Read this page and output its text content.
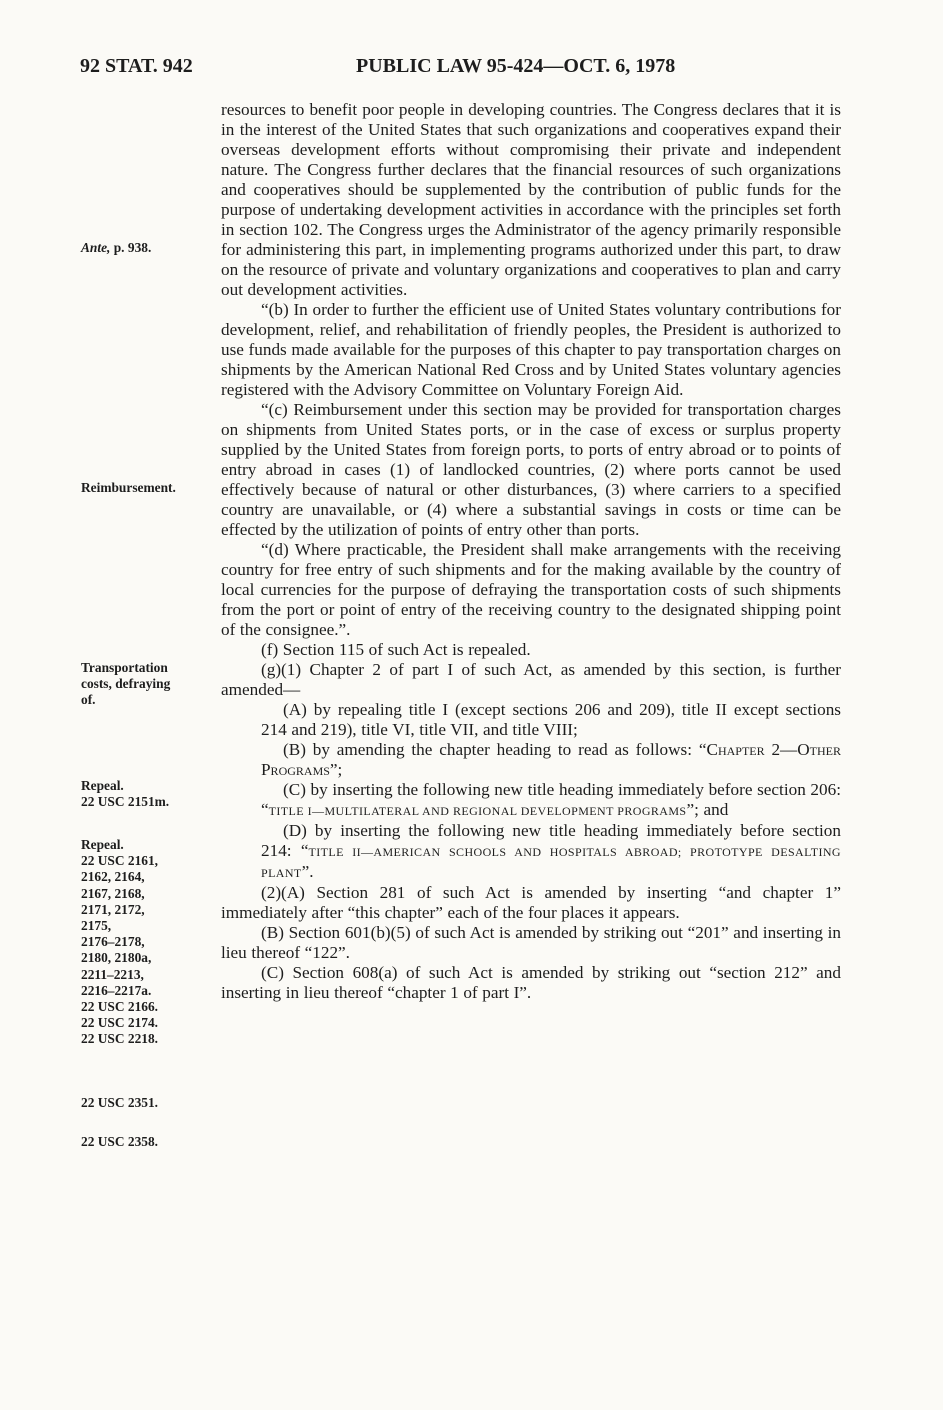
92 STAT. 942	PUBLIC LAW 95-424—OCT. 6, 1978

resources to benefit poor people in developing countries. The Congress declares that it is in the interest of the United States that such organizations and cooperatives expand their overseas development efforts without compromising their private and independent nature. The Congress further declares that the financial resources of such organizations and cooperatives should be supplemented by the contribution of public funds for the purpose of undertaking development activities in accordance with the principles set forth in section 102. The Congress urges the Administrator of the agency primarily responsible for administering this part, in implementing programs authorized under this part, to draw on the resource of private and voluntary organizations and cooperatives to plan and carry out development activities.

“(b) In order to further the efficient use of United States voluntary contributions for development, relief, and rehabilitation of friendly peoples, the President is authorized to use funds made available for the purposes of this chapter to pay transportation charges on shipments by the American National Red Cross and by United States voluntary agencies registered with the Advisory Committee on Voluntary Foreign Aid.

“(c) Reimbursement under this section may be provided for transportation charges on shipments from United States ports, or in the case of excess or surplus property supplied by the United States from foreign ports, to ports of entry abroad or to points of entry abroad in cases (1) of landlocked countries, (2) where ports cannot be used effectively because of natural or other disturbances, (3) where carriers to a specified country are unavailable, or (4) where a substantial savings in costs or time can be effected by the utilization of points of entry other than ports.

“(d) Where practicable, the President shall make arrangements with the receiving country for free entry of such shipments and for the making available by the country of local currencies for the purpose of defraying the transportation costs of such shipments from the port or point of entry of the receiving country to the designated shipping point of the consignee.”.

(f) Section 115 of such Act is repealed.

(g)(1) Chapter 2 of part I of such Act, as amended by this section, is further amended—

(A) by repealing title I (except sections 206 and 209), title II except sections 214 and 219), title VI, title VII, and title VIII;

(B) by amending the chapter heading to read as follows: “Chapter 2—Other Programs”;

(C) by inserting the following new title heading immediately before section 206: “TITLE I—MULTILATERAL AND REGIONAL DEVELOPMENT PROGRAMS”; and

(D) by inserting the following new title heading immediately before section 214: “TITLE II—AMERICAN SCHOOLS AND HOSPITALS ABROAD; PROTOTYPE DESALTING PLANT”.

(2)(A) Section 281 of such Act is amended by inserting “and chapter 1” immediately after “this chapter” each of the four places it appears.

(B) Section 601(b)(5) of such Act is amended by striking out “201” and inserting in lieu thereof “122”.

(C) Section 608(a) of such Act is amended by striking out “section 212” and inserting in lieu thereof “chapter 1 of part I”.

Ante, p. 938.
Reimbursement.
Transportation
costs, defraying
of.
Repeal.
22 USC 2151m.
Repeal.
22 USC 2161,
2162, 2164,
2167, 2168,
2171, 2172,
2175,
2176–2178,
2180, 2180a,
2211–2213,
2216–2217a.
22 USC 2166.
22 USC 2174.
22 USC 2218.
22 USC 2351.
22 USC 2358.
